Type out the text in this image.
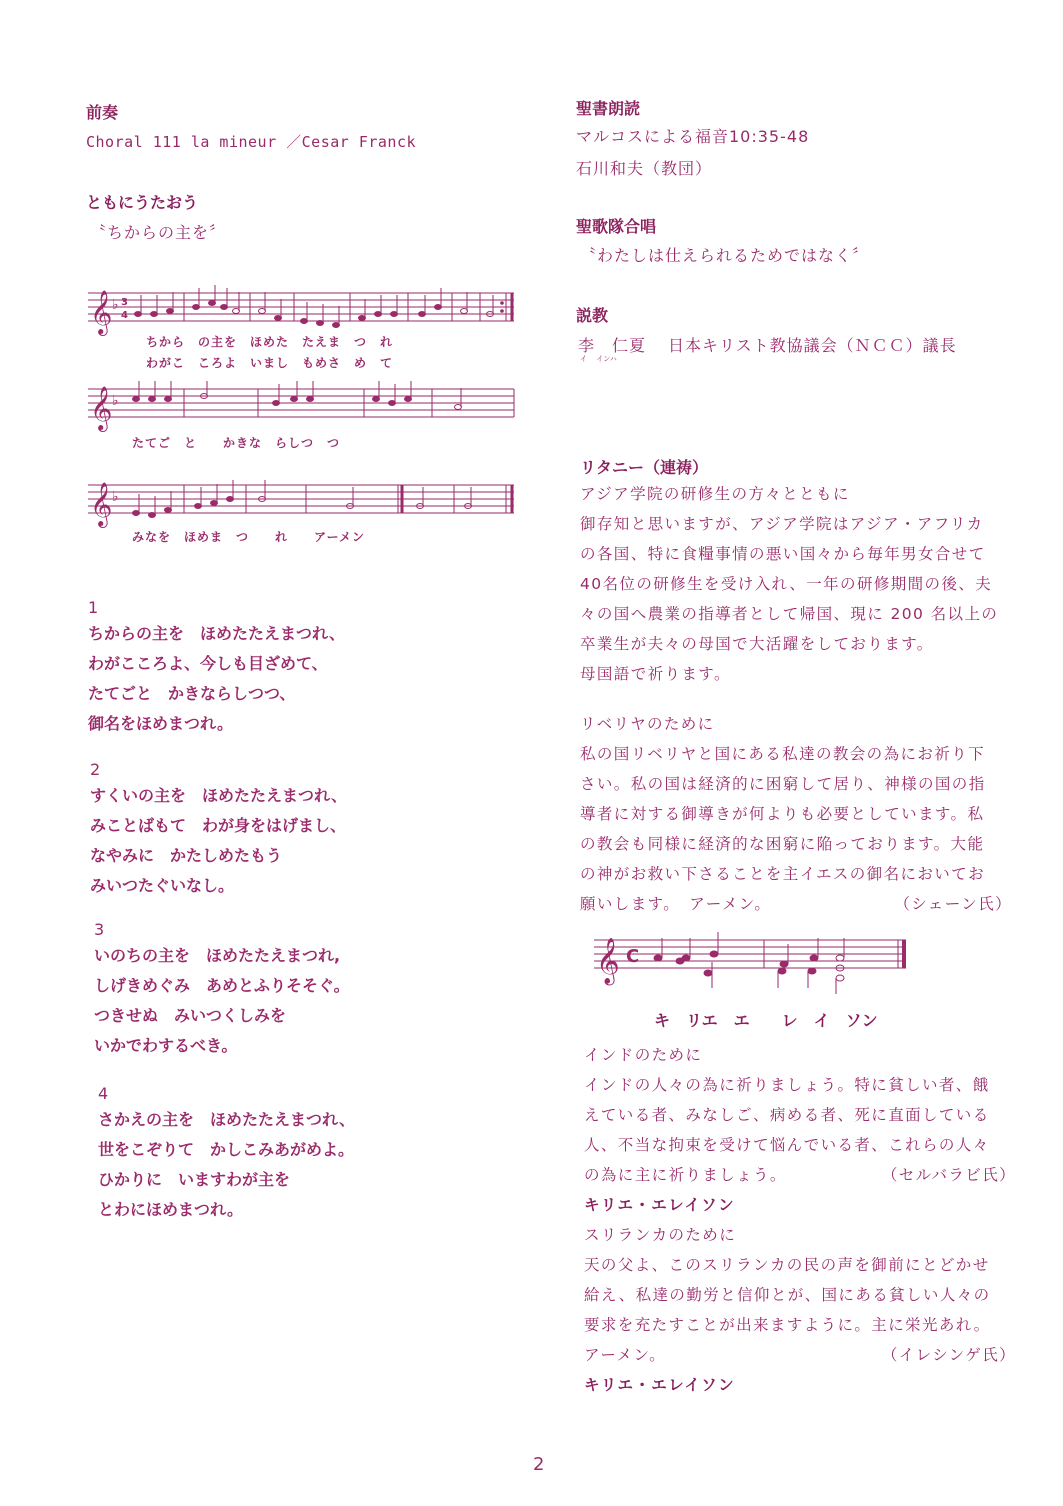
前奏
Choral 111 la mineur ／Cesar Franck
ともにうたおう
〝ちからの主を〞
𝄞 ♭ 3
4
𝄞 ♭
𝄞 ♭
ちから　の主を　ほめた　たえま　つ　れ
わがこ　ころよ　いまし　もめさ　め　て
たてご　と　　かきな　らしつ　つ
みなを　ほめま　つ　　れ　　アーメン
1
ちからの主を　ほめたたえまつれ、
わがこころよ、今しも目ざめて、
たてごと　かきならしつつ、
御名をほめまつれ。
2
すくいの主を　ほめたたえまつれ、
みことばもて　わが身をはげまし、
なやみに　かたしめたもう
みいつたぐいなし。
3
いのちの主を　ほめたたえまつれ,
しげきめぐみ　あめとふりそそぐ。
つきせぬ　みいつくしみを
いかでわするべき。
4
さかえの主を　ほめたたえまつれ、
世をこぞりて　かしこみあがめよ。
ひかりに　いますわが主を
とわにほめまつれ。
聖書朗読
マルコスによる福音10:35-48
石川和夫（教団）
聖歌隊合唱
〝わたしは仕えられるためではなく〞
説教
李　仁夏
イ　 インハ
日本キリスト教協議会（ＮＣＣ）議長
リタニー（連祷）
アジア学院の研修生の方々とともに
御存知と思いますが、アジア学院はアジア・アフリカ
の各国、特に食糧事情の悪い国々から毎年男女合せて
40名位の研修生を受け入れ、一年の研修期間の後、夫
々の国へ農業の指導者として帰国、現に 200 名以上の
卒業生が夫々の母国で大活躍をしております。
母国語で祈ります。
リベリヤのために
私の国リベリヤと国にある私達の教会の為にお祈り下
さい。私の国は経済的に困窮して居り、神様の国の指
導者に対する御導きが何よりも必要としています。私
の教会も同様に経済的な困窮に陥っております。大能
の神がお救い下さることを主イエスの御名においてお
願いします。　アーメン。	（シェーン氏）
𝄞 C
キ　リエ　エ　　レ　イ　ソン
インドのために
インドの人々の為に祈りましょう。特に貧しい者、餓
えている者、みなしご、病める者、死に直面している
人、不当な拘束を受けて悩んでいる者、これらの人々
の為に主に祈りましょう。	（セルバラビ氏）
キリエ・エレイソン
スリランカのために
天の父よ、このスリランカの民の声を御前にとどかせ
給え、私達の勤労と信仰とが、国にある貧しい人々の
要求を充たすことが出来ますように。主に栄光あれ。
アーメン。	（イレシンゲ氏）
キリエ・エレイソン
2
